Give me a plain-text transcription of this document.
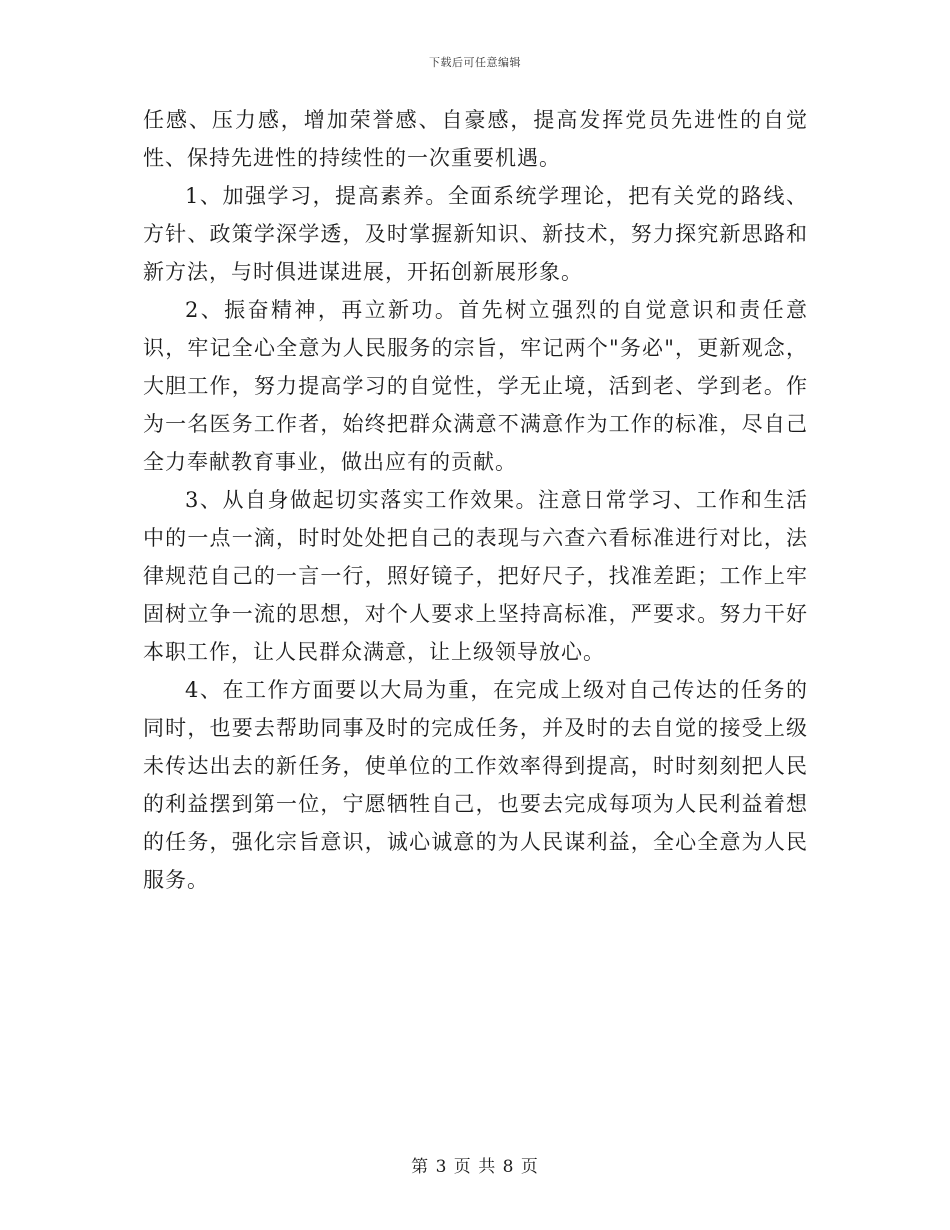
下载后可任意编辑

任感、压力感，增加荣誉感、自豪感，提高发挥党员先进性的自觉性、保持先进性的持续性的一次重要机遇。

1、加强学习，提高素养。全面系统学理论，把有关党的路线、方针、政策学深学透，及时掌握新知识、新技术，努力探究新思路和新方法，与时俱进谋进展，开拓创新展形象。

2、振奋精神，再立新功。首先树立强烈的自觉意识和责任意识，牢记全心全意为人民服务的宗旨，牢记两个"务必"，更新观念，大胆工作，努力提高学习的自觉性，学无止境，活到老、学到老。作为一名医务工作者，始终把群众满意不满意作为工作的标准，尽自己全力奉献教育事业，做出应有的贡献。

3、从自身做起切实落实工作效果。注意日常学习、工作和生活中的一点一滴，时时处处把自己的表现与六查六看标准进行对比，法律规范自己的一言一行，照好镜子，把好尺子，找准差距；工作上牢固树立争一流的思想，对个人要求上坚持高标准，严要求。努力干好本职工作，让人民群众满意，让上级领导放心。

4、在工作方面要以大局为重，在完成上级对自己传达的任务的同时，也要去帮助同事及时的完成任务，并及时的去自觉的接受上级未传达出去的新任务，使单位的工作效率得到提高，时时刻刻把人民的利益摆到第一位，宁愿牺牲自己，也要去完成每项为人民利益着想的任务，强化宗旨意识，诚心诚意的为人民谋利益，全心全意为人民服务。

第 3 页 共 8 页
